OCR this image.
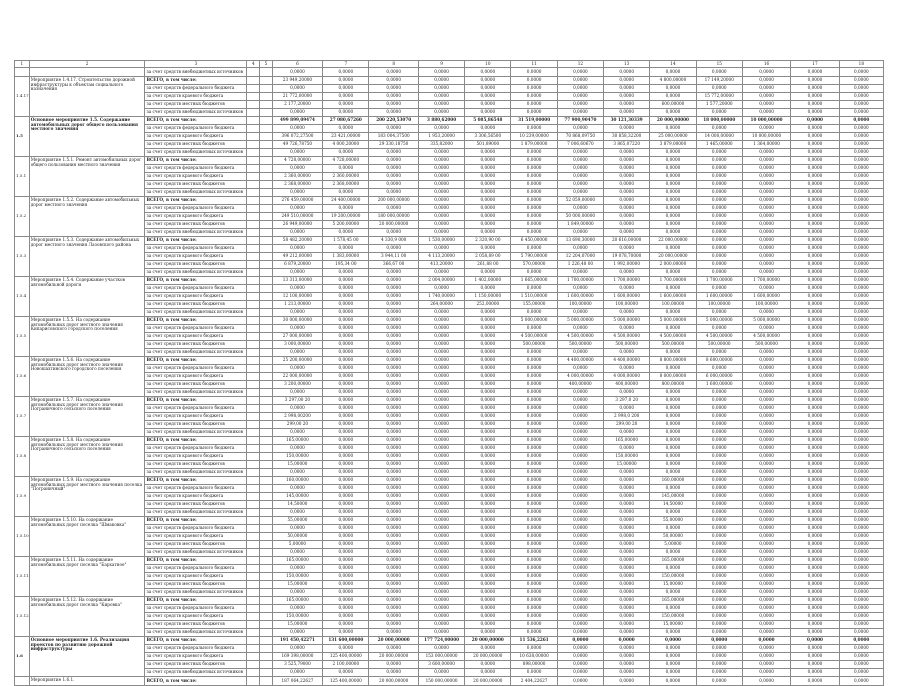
1	2	3	4	5	6	7	8	9	10	11	12	13	14	15	16	17	18
		за счет средств внебюджетных источников			0,0000	0,0000	0,0000	0,0000	0,0000	0,0000	0,0000	0,0000	0,0000	0,0000	0,0000	0,0000	0,0000
1.4.17	Мероприятие 1.4.17. Строительство дорожной инфраструктуры к объектам социального назначения	ВСЕГО, в том числе:			23 949,20000	0,0000	0,0000	0,0000	0,0000	0,0000	0,0000	0,0000	4 800,00000	17 149,20000	0,0000	0,0000	0,0000
		за счет средств федерального бюджета			0,0000	0,0000	0,0000	0,0000	0,0000	0,0000	0,0000	0,0000	0,0000	0,0000	0,0000	0,0000	0,0000
		за счет средств краевого бюджета			21 772,00000	0,0000	0,0000	0,0000	0,0000	0,0000	0,0000	0,0000	0,0000	15 772,00000	0,0000	0,0000	0,0000
		за счет средств местных бюджетов			2 177,20000	0,0000	0,0000	0,0000	0,0000	0,0000	0,0000	0,0000	600,00000	1 577,20000	0,0000	0,0000	0,0000
		за счет средств внебюджетных источников			0,0000	0,0000	0,0000	0,0000	0,0000	0,0000	0,0000	0,0000	0,0000	0,0000	0,0000	0,0000	0,0000
1.5	Основное мероприятие 1.5. Содержание автомобильных дорог общего пользования местного значения	ВСЕГО, в том числе:			499 899,09474	27 080,67260	200 220,53070	3 880,62000	5 085,86548	31 519,00000	77 900,90470	30 121,30339	20 000,00000	18 000,00000	10 000,00000	0,0000	0,0000
		за счет средств федерального бюджета			0,0000	0,0000	0,0000	0,0000	0,0000	0,0000	0,0000	0,0000	0,0000	0,0000	0,0000	0,0000	0,0000
		за счет средств краевого бюджета			396 072,27500	23 421,00000	183 004,37500	1 953,20000	3 306,56500	10 239,00000	70 868,09750	30 858,32200	25 000,00000	14 000,00000	10 000,00000	0,0000	0,0000
		за счет средств местных бюджетов			49 726,78750	4 000,20000	29 330,18750	335,82000	501,89000	1 879,00000	7 006,60670	3 865,07220	3 879,00000	1 465,00000	1 364,00000	0,0000	0,0000
		за счет средств внебюджетных источников			0,0000	0,0000	0,0000	0,0000	0,0000	0,0000	0,0000	0,0000	0,0000	0,0000	0,0000	0,0000	0,0000
1.5.1	Мероприятие 1.5.1. Ремонт автомобильных дорог общего пользования местного значения	ВСЕГО, в том числе:			4 728,00000	4 728,00000	0,0000	0,0000	0,0000	0,0000	0,0000	0,0000	0,0000	0,0000	0,0000	0,0000	0,0000
		за счет средств федерального бюджета			0,0000	0,0000	0,0000	0,0000	0,0000	0,0000	0,0000	0,0000	0,0000	0,0000	0,0000	0,0000	0,0000
		за счет средств краевого бюджета			2 360,00000	2 360,00000	0,0000	0,0000	0,0000	0,0000	0,0000	0,0000	0,0000	0,0000	0,0000	0,0000	0,0000
		за счет средств местных бюджетов			2 368,00000	2 368,00000	0,0000	0,0000	0,0000	0,0000	0,0000	0,0000	0,0000	0,0000	0,0000	0,0000	0,0000
		за счет средств внебюджетных источников			0,0000	0,0000	0,0000	0,0000	0,0000	0,0000	0,0000	0,0000	0,0000	0,0000	0,0000	0,0000	0,0000
1.5.2	Мероприятие 1.5.2. Содержание автомобильных дорог местного значения	ВСЕГО, в том числе:			276 459,00000	24 400,00000	200 000,00000	0,0000	0,0000	0,0000	52 059,00000	0,0000	0,0000	0,0000	0,0000	0,0000	0,0000
		за счет средств федерального бюджета			0,0000	0,0000	0,0000	0,0000	0,0000	0,0000	0,0000	0,0000	0,0000	0,0000	0,0000	0,0000	0,0000
		за счет средств краевого бюджета			249 510,00000	19 200,00000	180 000,00000	0,0000	0,0000	0,0000	50 000,00000	0,0000	0,0000	0,0000	0,0000	0,0000	0,0000
		за счет средств местных бюджетов			26 949,00000	5 200,00000	20 000,00000	0,0000	0,0000	0,0000	1 849,00000	0,0000	0,0000	0,0000	0,0000	0,0000	0,0000
		за счет средств внебюджетных источников			0,0000	0,0000	0,0000	0,0000	0,0000	0,0000	0,0000	0,0000	0,0000	0,0000	0,0000	0,0000	0,0000
1.5.3	Мероприятие 1.5.3. Содержание автомобильных дорог местного значения Лазовского района	ВСЕГО, в том числе:			58 482,20000	1 578,45 00	4 330,9 000	1 530,00000	2 320,90 00	6 450,00000	13 690,30000	20 616,00000	22 000,00000	0,0000	0,0000	0,0000	0,0000
		за счет средств федерального бюджета			0,0000	0,0000	0,0000	0,0000	0,0000	0,0000	0,0000	0,0000	0,0000	0,0000	0,0000	0,0000	0,0000
		за счет средств краевого бюджета			49 212,00000	1 383,00000	3 944,11 00	4 113,20000	2 058,89 00	5 790,00000	12 204,07000	19 078,70000	20 000,00000	0,0000	0,0000	0,0000	0,0000
		за счет средств местных бюджетов			6 879,20000	195,34 00	366,67 00	413,20000	261,88 00	570,00000	1 226,48 00	1 992,00000	2 000,00000	0,0000	0,0000	0,0000	0,0000
		за счет средств внебюджетных источников			0,0000	0,0000	0,0000	0,0000	0,0000	0,0000	0,0000	0,0000	0,0000	0,0000	0,0000	0,0000	0,0000
1.5.4	Мероприятие 1.5.4. Содержание участков автомобильной дороги	ВСЕГО, в том числе:			13 313,00000	0,0000	0,0000	2 004,00000	1 402,00000	1 665,00000	1 700,00000	1 700,00000	1 700,00000	1 700,00000	1 700,00000	0,0000	0,0000
		за счет средств федерального бюджета			0,0000	0,0000	0,0000	0,0000	0,0000	0,0000	0,0000	0,0000	0,0000	0,0000	0,0000	0,0000	0,0000
		за счет средств краевого бюджета			12 100,00000	0,0000	0,0000	1 740,00000	1 150,00000	1 510,00000	1 600,00000	1 600,00000	1 600,00000	1 600,00000	1 600,00000	0,0000	0,0000
		за счет средств местных бюджетов			1 213,00000	0,0000	0,0000	264,00000	252,00000	155,00000	100,00000	100,00000	100,00000	100,00000	100,00000	0,0000	0,0000
		за счет средств внебюджетных источников			0,0000	0,0000	0,0000	0,0000	0,0000	0,0000	0,0000	0,0000	0,0000	0,0000	0,0000	0,0000	0,0000
1.5.5	Мероприятие 1.5.5. На содержание автомобильных дорог местного значения Кипарисовского городского поселения	ВСЕГО, в том числе:			30 000,00000	0,0000	0,0000	0,0000	0,0000	5 000,00000	5 000,00000	5 000,00000	5 000,00000	5 000,00000	5 000,00000	0,0000	0,0000
		за счет средств федерального бюджета			0,0000	0,0000	0,0000	0,0000	0,0000	0,0000	0,0000	0,0000	0,0000	0,0000	0,0000	0,0000	0,0000
		за счет средств краевого бюджета			27 000,00000	0,0000	0,0000	0,0000	0,0000	4 500,00000	4 500,00000	4 500,00000	4 500,00000	4 500,00000	4 500,00000	0,0000	0,0000
		за счет средств местных бюджетов			3 000,00000	0,0000	0,0000	0,0000	0,0000	500,00000	500,00000	500,00000	500,00000	500,00000	500,00000	0,0000	0,0000
		за счет средств внебюджетных источников			0,0000	0,0000	0,0000	0,0000	0,0000	0,0000	0,0000	0,0000	0,0000	0,0000	0,0000	0,0000	0,0000
1.5.6	Мероприятие 1.5.6. На содержание автомобильных дорог местного значения Новошахтинского городского поселения	ВСЕГО, в том числе:			25 200,00000	0,0000	0,0000	0,0000	0,0000	0,0000	4 400,00000	4 400,00000	8 800,00000	8 600,00000	0,0000	0,0000	0,0000
		за счет средств федерального бюджета			0,0000	0,0000	0,0000	0,0000	0,0000	0,0000	0,0000	0,0000	0,0000	0,0000	0,0000	0,0000	0,0000
		за счет средств краевого бюджета			22 000,00000	0,0000	0,0000	0,0000	0,0000	0,0000	4 000,00000	4 000,00000	8 000,00000	6 000,00000	0,0000	0,0000	0,0000
		за счет средств местных бюджетов			3 200,00000	0,0000	0,0000	0,0000	0,0000	0,0000	400,00000	400,00000	800,00000	1 600,00000	0,0000	0,0000	0,0000
		за счет средств внебюджетных источников			0,0000	0,0000	0,0000	0,0000	0,0000	0,0000	0,0000	0,0000	0,0000	0,0000	0,0000	0,0000	0,0000
1.5.7	Мероприятие 1.5.7. На содержание автомобильных дорог местного значения Пограничного сельского поселения	ВСЕГО, в том числе:			3 297,00 20	0,0000	0,0000	0,0000	0,0000	0,0000	0,0000	3 297,0 20	0,0000	0,0000	0,0000	0,0000	0,0000
		за счет средств федерального бюджета			0,0000	0,0000	0,0000	0,0000	0,0000	0,0000	0,0000	0,0000	0,0000	0,0000	0,0000	0,0000	0,0000
		за счет средств краевого бюджета			2 998,00200	0,0000	0,0000	0,0000	0,0000	0,0000	0,0000	2 998,0 200	0,0000	0,0000	0,0000	0,0000	0,0000
		за счет средств местных бюджетов			299,00 20	0,0000	0,0000	0,0000	0,0000	0,0000	0,0000	299,00 20	0,0000	0,0000	0,0000	0,0000	0,0000
		за счет средств внебюджетных источников			0,0000	0,0000	0,0000	0,0000	0,0000	0,0000	0,0000	0,0000	0,0000	0,0000	0,0000	0,0000	0,0000
1.5.8	Мероприятие 1.5.8. На содержание автомобильных дорог местного значения Пограничного сельского поселения	ВСЕГО, в том числе:			165,00000	0,0000	0,0000	0,0000	0,0000	0,0000	0,0000	165,00000	0,0000	0,0000	0,0000	0,0000	0,0000
		за счет средств федерального бюджета			0,0000	0,0000	0,0000	0,0000	0,0000	0,0000	0,0000	0,0000	0,0000	0,0000	0,0000	0,0000	0,0000
		за счет средств краевого бюджета			150,00000	0,0000	0,0000	0,0000	0,0000	0,0000	0,0000	150,00000	0,0000	0,0000	0,0000	0,0000	0,0000
		за счет средств местных бюджетов			15,00000	0,0000	0,0000	0,0000	0,0000	0,0000	0,0000	15,00000	0,0000	0,0000	0,0000	0,0000	0,0000
		за счет средств внебюджетных источников			0,0000	0,0000	0,0000	0,0000	0,0000	0,0000	0,0000	0,0000	0,0000	0,0000	0,0000	0,0000	0,0000
1.5.9	Мероприятие 1.5.9. На содержание автомобильных дорог местного значения поселка "Пограничный"	ВСЕГО, в том числе:			160,00000	0,0000	0,0000	0,0000	0,0000	0,0000	0,0000	0,0000	160,00000	0,0000	0,0000	0,0000	0,0000
		за счет средств федерального бюджета			0,0000	0,0000	0,0000	0,0000	0,0000	0,0000	0,0000	0,0000	0,0000	0,0000	0,0000	0,0000	0,0000
		за счет средств краевого бюджета			145,00000	0,0000	0,0000	0,0000	0,0000	0,0000	0,0000	0,0000	145,00000	0,0000	0,0000	0,0000	0,0000
		за счет средств местных бюджетов			14,50000	0,0000	0,0000	0,0000	0,0000	0,0000	0,0000	0,0000	14,50000	0,0000	0,0000	0,0000	0,0000
		за счет средств внебюджетных источников			0,0000	0,0000	0,0000	0,0000	0,0000	0,0000	0,0000	0,0000	0,0000	0,0000	0,0000	0,0000	0,0000
1.5.10	Мероприятие 1.5.10. На содержание автомобильных дорог поселка "Шмаковка"	ВСЕГО, в том числе:			55,00000	0,0000	0,0000	0,0000	0,0000	0,0000	0,0000	0,0000	55,00000	0,0000	0,0000	0,0000	0,0000
		за счет средств федерального бюджета			0,0000	0,0000	0,0000	0,0000	0,0000	0,0000	0,0000	0,0000	0,0000	0,0000	0,0000	0,0000	0,0000
		за счет средств краевого бюджета			50,00000	0,0000	0,0000	0,0000	0,0000	0,0000	0,0000	0,0000	50,00000	0,0000	0,0000	0,0000	0,0000
		за счет средств местных бюджетов			5,00000	0,0000	0,0000	0,0000	0,0000	0,0000	0,0000	0,0000	5,00000	0,0000	0,0000	0,0000	0,0000
		за счет средств внебюджетных источников			0,0000	0,0000	0,0000	0,0000	0,0000	0,0000	0,0000	0,0000	0,0000	0,0000	0,0000	0,0000	0,0000
1.5.11	Мероприятие 1.5.11. На содержание автомобильных дорог поселка "Бархатное"	ВСЕГО, в том числе:			165,00000	0,0000	0,0000	0,0000	0,0000	0,0000	0,0000	0,0000	165,00000	0,0000	0,0000	0,0000	0,0000
		за счет средств федерального бюджета			0,0000	0,0000	0,0000	0,0000	0,0000	0,0000	0,0000	0,0000	0,0000	0,0000	0,0000	0,0000	0,0000
		за счет средств краевого бюджета			150,00000	0,0000	0,0000	0,0000	0,0000	0,0000	0,0000	0,0000	150,00000	0,0000	0,0000	0,0000	0,0000
		за счет средств местных бюджетов			15,00000	0,0000	0,0000	0,0000	0,0000	0,0000	0,0000	0,0000	15,00000	0,0000	0,0000	0,0000	0,0000
		за счет средств внебюджетных источников			0,0000	0,0000	0,0000	0,0000	0,0000	0,0000	0,0000	0,0000	0,0000	0,0000	0,0000	0,0000	0,0000
1.5.12	Мероприятие 1.5.12. На содержание автомобильных дорог поселка "Кировка"	ВСЕГО, в том числе:			165,00000	0,0000	0,0000	0,0000	0,0000	0,0000	0,0000	0,0000	165,00000	0,0000	0,0000	0,0000	0,0000
		за счет средств федерального бюджета			0,0000	0,0000	0,0000	0,0000	0,0000	0,0000	0,0000	0,0000	0,0000	0,0000	0,0000	0,0000	0,0000
		за счет средств краевого бюджета			150,00000	0,0000	0,0000	0,0000	0,0000	0,0000	0,0000	0,0000	150,00000	0,0000	0,0000	0,0000	0,0000
		за счет средств местных бюджетов			15,00000	0,0000	0,0000	0,0000	0,0000	0,0000	0,0000	0,0000	15,00000	0,0000	0,0000	0,0000	0,0000
		за счет средств внебюджетных источников			0,0000	0,0000	0,0000	0,0000	0,0000	0,0000	0,0000	0,0000	0,0000	0,0000	0,0000	0,0000	0,0000
1.6	Основное мероприятие 1.6. Реализация проектов по развитию дорожной инфраструктуры	ВСЕГО, в том числе:			191 450,42271	131 600,00000	20 000,00000	177 724,00000	20 000,00000	11 536,2261	0,0000	0,0000	0,0000	0,0000	0,0000	0,0000	0,0000
		за счет средств федерального бюджета			0,0000	0,0000	0,0000	0,0000	0,0000	0,0000	0,0000	0,0000	0,0000	0,0000	0,0000	0,0000	0,0000
		за счет средств краевого бюджета			169 398,00000	125 400,00000	20 000,00000	153 000,00000	20 000,00000	10 638,00000	0,0000	0,0000	0,0000	0,0000	0,0000	0,0000	0,0000
		за счет средств местных бюджетов			3 525,79000	2 100,00000	0,0000	3 600,00000	0,0000	898,00000	0,0000	0,0000	0,0000	0,0000	0,0000	0,0000	0,0000
		за счет средств внебюджетных источников			0,0000	0,0000	0,0000	0,0000	0,0000	0,0000	0,0000	0,0000	0,0000	0,0000	0,0000	0,0000	0,0000
	Мероприятие 1.6.1.	ВСЕГО, в том числе:			187 064,22627	125 400,00000	20 000,00000	150 000,00000	20 000,00000	2 404,22627	0,0000	0,0000	0,0000	0,0000	0,0000	0,0000	0,0000
